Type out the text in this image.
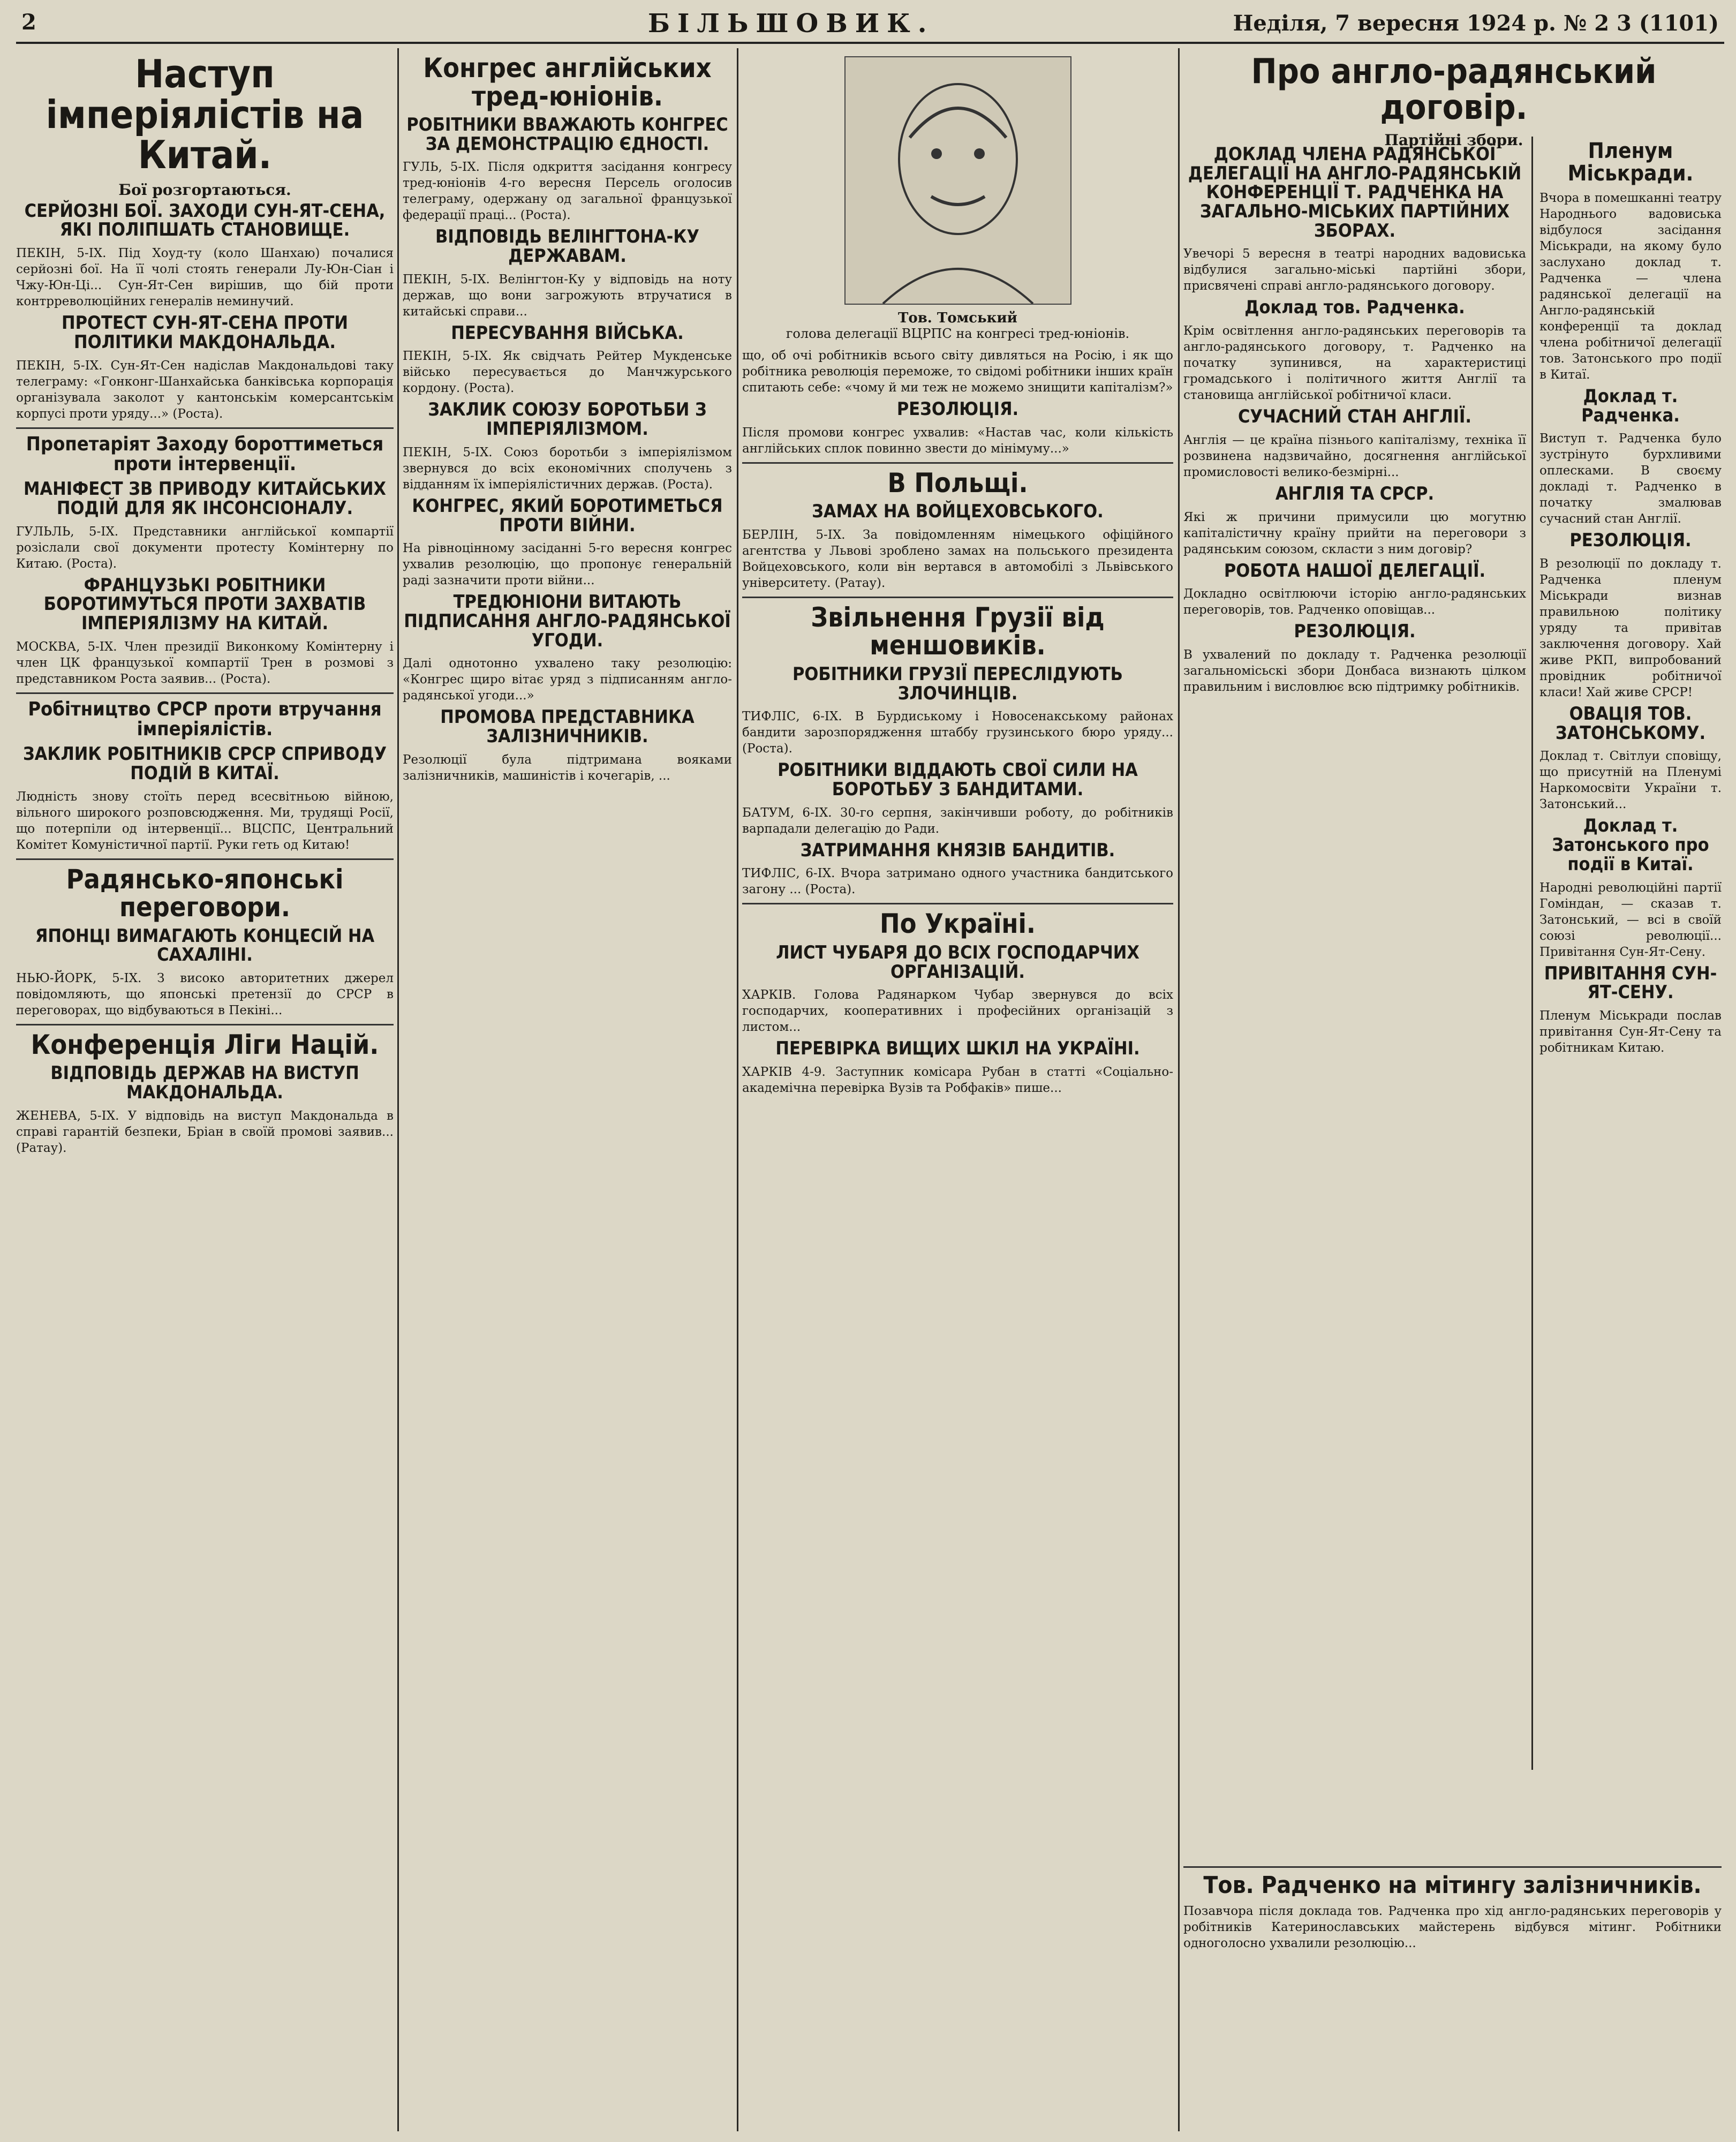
2	БІЛЬШОВИК.	Неділя, 7 вересня 1924 р. № 2 3 (1101)
Наступ імперіялістів на Китай.
Бої розгортаються.
СЕРЙОЗНІ БОЇ. ЗАХОДИ СУН-ЯТ-СЕНА, ЯКІ ПОЛІПШАТЬ СТАНОВИЩЕ.

ПЕКІН, 5-IX. Під Хоуд-ту (коло Шанхаю) почалися серйозні бої. На її чолі стоять генерали Лу-Юн-Сіан і Чжу-Юн-Ці... Сун-Ят-Сен вирішив, що бій проти контрреволюційних генералів неминучий.

ПРОТЕСТ СУН-ЯТ-СЕНА ПРОТИ ПОЛІТИКИ МАКДОНАЛЬДА.

ПЕКІН, 5-IX. Сун-Ят-Сен надіслав Макдональдові таку телеграму: «Гонконг-Шанхайська банківська корпорація організувала заколот у кантонськім комерсантськім корпусі проти уряду...» (Роста).

Пропетаріят Заходу бороттиметься проти інтервенції.
МАНІФЕСТ ЗВ ПРИВОДУ КИТАЙСЬКИХ ПОДІЙ ДЛЯ ЯК ІНСОНСІОНАЛУ.

ГУЛЬЛЬ, 5-IX. Представники англійської компартії розіслали свої документи протесту Комінтерну по Китаю. (Роста).

ФРАНЦУЗЬКІ РОБІТНИКИ БОРОТИМУТЬСЯ ПРОТИ ЗАХВАТІВ ІМПЕРІЯЛІЗМУ НА КИТАЙ.

МОСКВА, 5-IX. Член президії Виконкому Комінтерну і член ЦК французької компартії Трен в розмові з представником Роста заявив... (Роста).

Робітництво СРСР проти втручання імперіялістів.
ЗАКЛИК РОБІТНИКІВ СРСР СПРИВОДУ ПОДІЙ В КИТАЇ.

Людність знову стоїть перед всесвітньою війною, вільного широкого розповсюдження. Ми, трудящі Росії, що потерпіли од інтервенції... ВЦСПС, Центральний Комітет Комуністичної партії. Руки геть од Китаю!

Радянсько-японські переговори.
ЯПОНЦІ ВИМАГАЮТЬ КОНЦЕСІЙ НА САХАЛІНІ.

НЬЮ-ЙОРК, 5-IX. З високо авторитетних джерел повідомляють, що японські претензії до СРСР в переговорах, що відбуваються в Пекіні...

Конференція Ліги Націй.
ВІДПОВІДЬ ДЕРЖАВ НА ВИСТУП МАКДОНАЛЬДА.

ЖЕНЕВА, 5-IX. У відповідь на виступ Макдональда в справі гарантій безпеки, Бріан в своїй промові заявив... (Ратау).

Конгрес англійських тред-юніонів.
РОБІТНИКИ ВВАЖАЮТЬ КОНГРЕС ЗА ДЕМОНСТРАЦІЮ ЄДНОСТІ.

ГУЛЬ, 5-IX. Після одкриття засідання конгресу тред-юніонів 4-го вересня Персель оголосив телеграму, одержану од загальної французької федерації праці... (Роста).

ВІДПОВІДЬ ВЕЛІНГТОНА-КУ ДЕРЖАВАМ.

ПЕКІН, 5-IX. Велінгтон-Ку у відповідь на ноту держав, що вони загрожують втручатися в китайські справи...

ПЕРЕСУВАННЯ ВІЙСЬКА.

ПЕКІН, 5-IX. Як свідчать Рейтер Мукденське військо пересувається до Манчжурського кордону. (Роста).

ЗАКЛИК СОЮЗУ БОРОТЬБИ З ІМПЕРІЯЛІЗМОМ.

ПЕКІН, 5-IX. Союз боротьби з імперіялізмом звернувся до всіх економічних сполучень з відданням їх імперіялістичних держав. (Роста).

КОНГРЕС, ЯКИЙ БОРОТИМЕТЬСЯ ПРОТИ ВІЙНИ.

На рівноцінному засіданні 5-го вересня конгрес ухвалив резолюцію, що пропонує генеральній раді зазначити проти війни...

ТРЕДЮНІОНИ ВИТАЮТЬ ПІДПИСАННЯ АНГЛО-РАДЯНСЬКОЇ УГОДИ.

Далі однотонно ухвалено таку резолюцію: «Конгрес щиро вітає уряд з підписанням англо-радянської угоди...»

ПРОМОВА ПРЕДСТАВНИКА ЗАЛІЗНИЧНИКІВ.

Резолюції була підтримана вояками залізничників, машиністів і кочегарів, ...

Тов. Томський
голова делегації ВЦРПС на конгресі тред-юніонів.

що, об очі робітників всього світу дивляться на Росію, і як що робітника революція переможе, то свідомі робітники інших країн спитають себе: «чому й ми теж не можемо знищити капіталізм?»

РЕЗОЛЮЦІЯ.

Після промови конгрес ухвалив: «Настав час, коли кількість англійських сплок повинно звести до мінімуму...»

В Польщі.
ЗАМАХ НА ВОЙЦЕХОВСЬКОГО.

БЕРЛІН, 5-IX. За повідомленням німецького офіційного агентства у Львові зроблено замах на польського президента Войцеховського, коли він вертався в автомобілі з Львівського університету. (Ратау).

Звільнення Грузії від меншовиків.
РОБІТНИКИ ГРУЗІЇ ПЕРЕСЛІДУЮТЬ ЗЛОЧИНЦІВ.

ТИФЛІС, 6-IX. В Бурдиському і Новосенакському районах бандити зарозпорядження штаббу грузинського бюро уряду... (Роста).

РОБІТНИКИ ВІДДАЮТЬ СВОЇ СИЛИ НА БОРОТЬБУ З БАНДИТАМИ.

БАТУМ, 6-IX. 30-го серпня, закінчивши роботу, до робітників варпадали делегацію до Ради.

ЗАТРИМАННЯ КНЯЗІВ БАНДИТІВ.

ТИФЛІС, 6-IX. Вчора затримано одного участника бандитського загону ... (Роста).

По Україні.
ЛИСТ ЧУБАРЯ ДО ВСІХ ГОСПОДАРЧИХ ОРГАНІЗАЦІЙ.

ХАРКІВ. Голова Радянарком Чубар звернувся до всіх господарчих, кооперативних і професійних організацій з листом...

ПЕРЕВІРКА ВИЩИХ ШКІЛ НА УКРАЇНІ.

ХАРКІВ 4-9. Заступник комісара Рубан в статті «Соціально-академічна перевірка Вузів та Робфаків» пише...

Про англо-радянський договір.
Партійні збори.
ДОКЛАД ЧЛЕНА РАДЯНСЬКОЇ ДЕЛЕГАЦІЇ НА АНГЛО-РАДЯНСЬКІЙ КОНФЕРЕНЦІЇ Т. РАДЧЕНКА НА ЗАГАЛЬНО-МІСЬКИХ ПАРТІЙНИХ ЗБОРАХ.

Увечорі 5 вересня в театрі народних вадовиська відбулися загально-міські партійні збори, присвячені справі англо-радянського договору.

Доклад тов. Радченка.

Крім освітлення англо-радянських переговорів та англо-радянського договору, т. Радченко на початку зупинився, на характеристиці громадського і політичного життя Англії та становища англійської робітничої класи.

СУЧАСНИЙ СТАН АНГЛІЇ.

Англія — це країна пізнього капіталізму, техніка її розвинена надзвичайно, досягнення англійської промисловості велико-безмірні...

АНГЛІЯ ТА СРСР.

Які ж причини примусили цю могутню капіталістичну країну прийти на переговори з радянським союзом, скласти з ним договір?

РОБОТА НАШОЇ ДЕЛЕГАЦІЇ.

Докладно освітлюючи історію англо-радянських переговорів, тов. Радченко оповіщав...

РЕЗОЛЮЦІЯ.

В ухвалений по докладу т. Радченка резолюції загальномісьскі збори Донбаса визнають цілком правильним і висловлює всю підтримку робітників.

Пленум Міськради.

Вчора в помешканні театру Народнього вадовиська відбулося засідання Міськради, на якому було заслухано доклад т. Радченка — члена радянської делегації на Англо-радянській конференції та доклад члена робітничої делегації тов. Затонського про події в Китаї.

Доклад т. Радченка.

Виступ т. Радченка було зустрінуто бурхливими оплесками. В своєму докладі т. Радченко в початку змалював сучасний стан Англії.

РЕЗОЛЮЦІЯ.

В резолюції по докладу т. Радченка пленум Міськради визнав правильною політику уряду та привітав заключення договору. Хай живе РКП, випробований провідник робітничої класи! Хай живе СРСР!

ОВАЦІЯ ТОВ. ЗАТОНСЬКОМУ.

Доклад т. Світлуи сповіщу, що присутній на Пленумі Наркомосвіти України т. Затонський...

Доклад т. Затонського про події в Китаї.

Народні революційні партії Гоміндан, — сказав т. Затонський, — всі в своїй союзі революції... Привітання Сун-Ят-Сену.

ПРИВІТАННЯ СУН-ЯТ-СЕНУ.

Пленум Міськради послав привітання Сун-Ят-Сену та робітникам Китаю.

Тов. Радченко на мітингу залізничників.

Позавчора після доклада тов. Радченка про хід англо-радянських переговорів у робітників Катеринославських майстерень відбувся мітинг. Робітники одноголосно ухвалили резолюцію...
